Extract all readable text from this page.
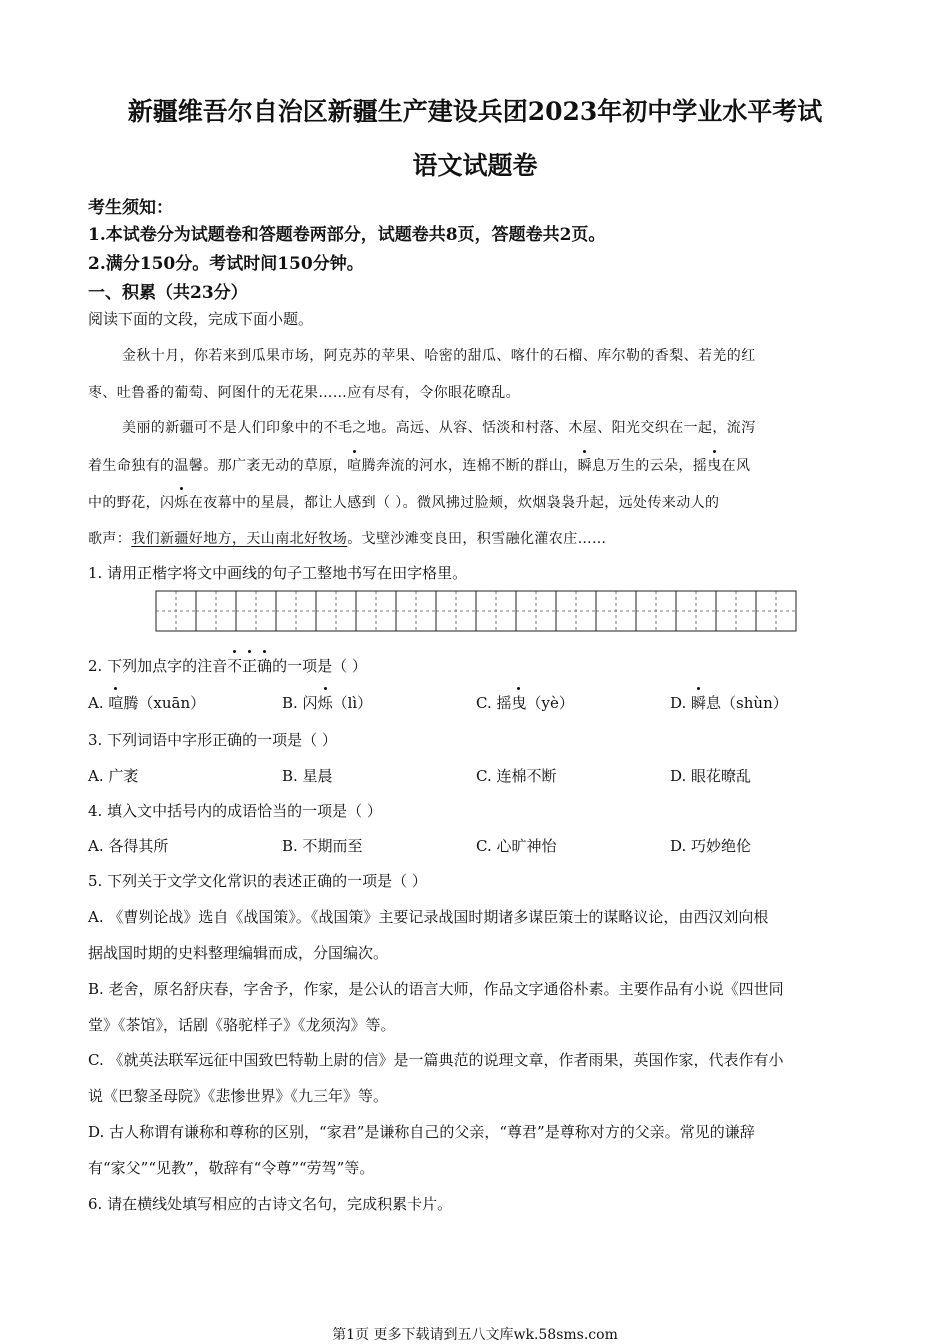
新疆维吾尔自治区新疆生产建设兵团2023年初中学业水平考试
语文试题卷
考生须知：
1.本试卷分为试题卷和答题卷两部分，试题卷共8页，答题卷共2页。
2.满分150分。考试时间150分钟。
一、积累（共23分）
阅读下面的文段，完成下面小题。
金秋十月，你若来到瓜果市场，阿克苏的苹果、哈密的甜瓜、喀什的石榴、库尔勒的香梨、若羌的红
枣、吐鲁番的葡萄、阿图什的无花果……应有尽有，令你眼花暸乱。
美丽的新疆可不是人们印象中的不毛之地。高远、从容、恬淡和村落、木屋、阳光交织在一起，流泻
着生命独有的温馨。那广袤无动的草原，喧腾奔流的河水，连棉不断的群山，瞬息万生的云朵，摇曳在风
中的野花，闪烁在夜幕中的星晨，都让人感到（ ）。微风拂过脸颊，炊烟袅袅升起，远处传来动人的
歌声：我们新疆好地方，天山南北好牧场。戈壁沙滩变良田，积雪融化灌农庄……
1. 请用正楷字将文中画线的句子工整地书写在田字格里。
2. 下列加点字的注音不正确的一项是（ ）
A. 喧腾（xuān）	B. 闪烁（lì）	C. 摇曳（yè）	D. 瞬息（shùn）
3. 下列词语中字形正确的一项是（ ）
A. 广袤	B. 星晨	C. 连棉不断	D. 眼花暸乱
4. 填入文中括号内的成语恰当的一项是（ ）
A. 各得其所	B. 不期而至	C. 心旷神怡	D. 巧妙绝伦
5. 下列关于文学文化常识的表述正确的一项是（ ）
A. 《曹刿论战》选自《战国策》。《战国策》主要记录战国时期诸多谋臣策士的谋略议论，由西汉刘向根
据战国时期的史料整理编辑而成，分国编次。
B. 老舍，原名舒庆春，字舍予，作家，是公认的语言大师，作品文字通俗朴素。主要作品有小说《四世同
堂》《茶馆》，话剧《骆驼样子》《龙须沟》等。
C. 《就英法联军远征中国致巴特勒上尉的信》是一篇典范的说理文章，作者雨果，英国作家，代表作有小
说《巴黎圣母院》《悲惨世界》《九三年》等。
D. 古人称谓有谦称和尊称的区别，“家君”是谦称自己的父亲，“尊君”是尊称对方的父亲。常见的谦辞
有“家父”“见教”，敬辞有“令尊”“劳驾”等。
6. 请在横线处填写相应的古诗文名句，完成积累卡片。
第1页 更多下载请到五八文库wk.58sms.com
